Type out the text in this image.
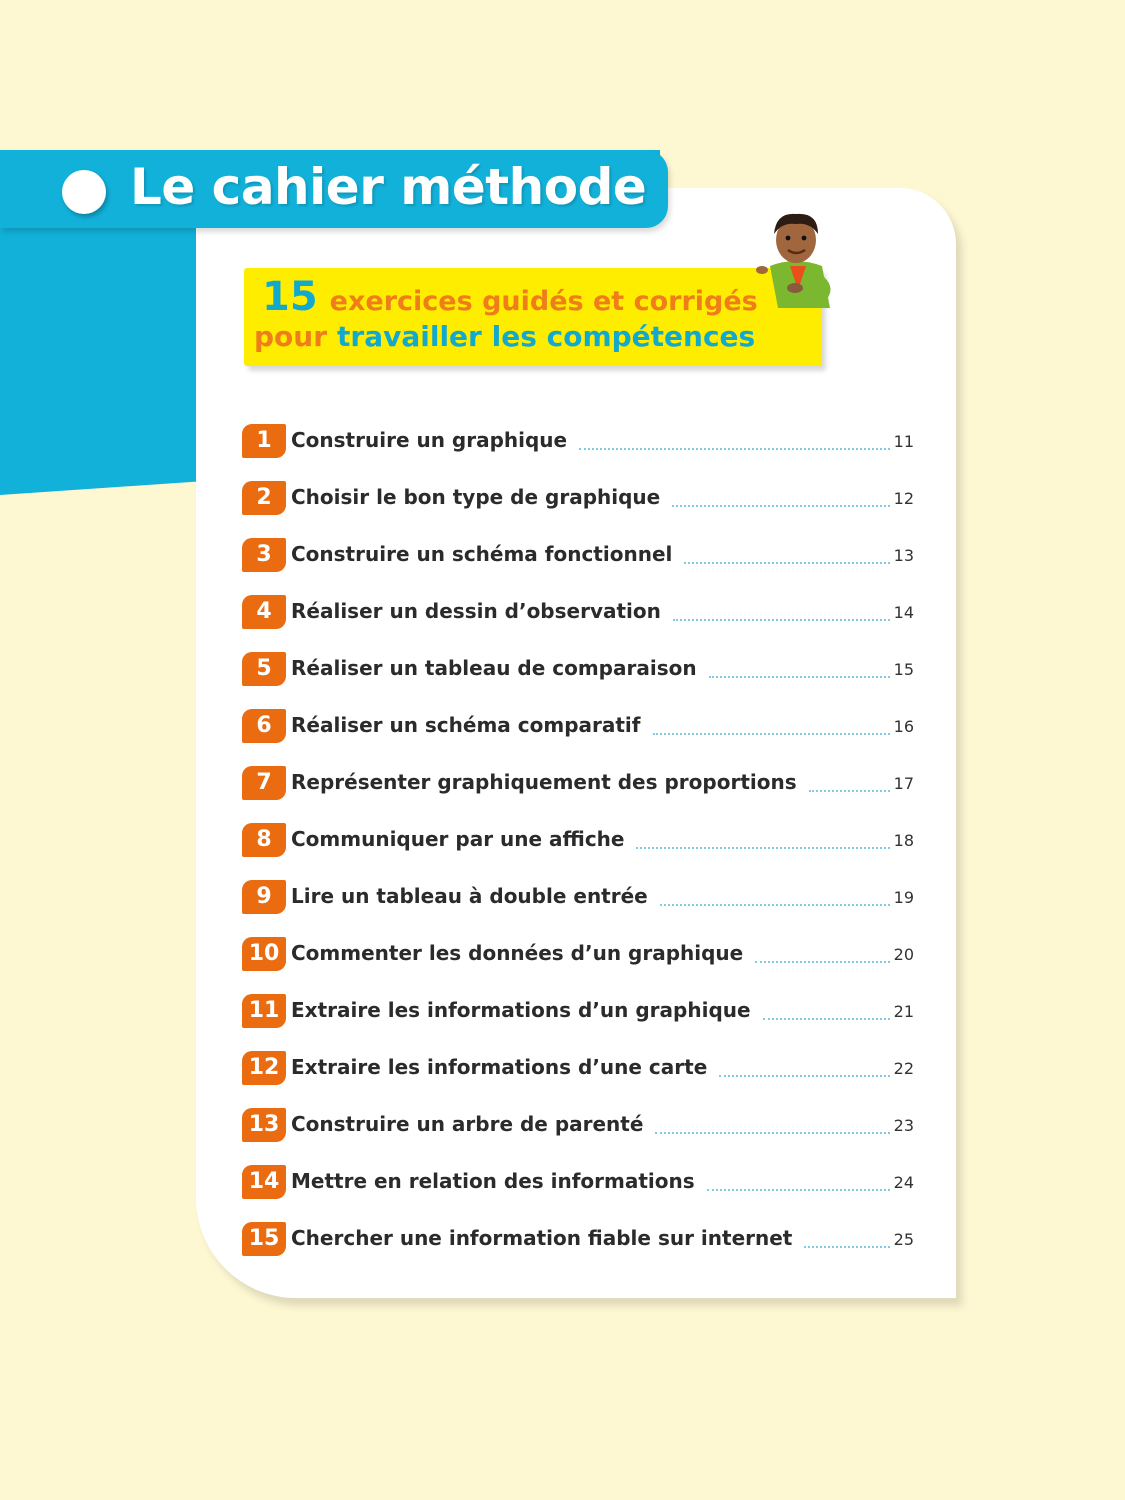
Le cahier méthode
15 exercices guidés et corrigés
pour travailler les compétences
1 Construire un graphique	11
2 Choisir le bon type de graphique	12
3 Construire un schéma fonctionnel	13
4 Réaliser un dessin d’observation	14
5 Réaliser un tableau de comparaison	15
6 Réaliser un schéma comparatif	16
7 Représenter graphiquement des proportions	17
8 Communiquer par une affiche	18
9 Lire un tableau à double entrée	19
10 Commenter les données d’un graphique	20
11 Extraire les informations d’un graphique	21
12 Extraire les informations d’une carte	22
13 Construire un arbre de parenté	23
14 Mettre en relation des informations	24
15 Chercher une information fiable sur internet	25
